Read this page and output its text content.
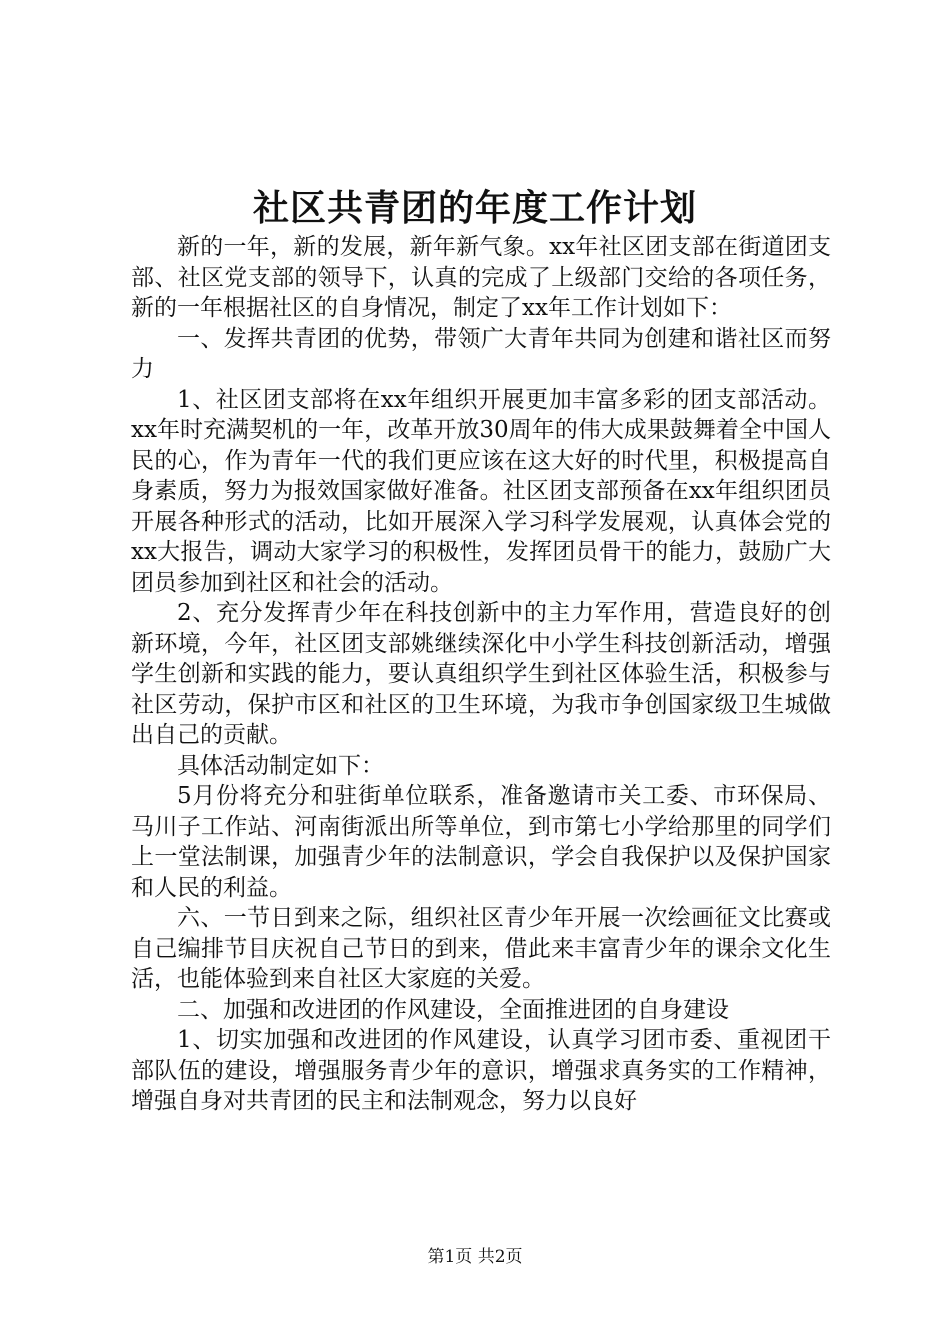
社区共青团的年度工作计划

新的一年，新的发展，新年新气象。xx年社区团支部在街道团支部、社区党支部的领导下，认真的完成了上级部门交给的各项任务，新的一年根据社区的自身情况，制定了xx年工作计划如下：

一、发挥共青团的优势，带领广大青年共同为创建和谐社区而努力

1、社区团支部将在xx年组织开展更加丰富多彩的团支部活动。xx年时充满契机的一年，改革开放30周年的伟大成果鼓舞着全中国人民的心，作为青年一代的我们更应该在这大好的时代里，积极提高自身素质，努力为报效国家做好准备。社区团支部预备在xx年组织团员开展各种形式的活动，比如开展深入学习科学发展观，认真体会党的xx大报告，调动大家学习的积极性，发挥团员骨干的能力，鼓励广大团员参加到社区和社会的活动。

2、充分发挥青少年在科技创新中的主力军作用，营造良好的创新环境，今年，社区团支部姚继续深化中小学生科技创新活动，增强学生创新和实践的能力，要认真组织学生到社区体验生活，积极参与社区劳动，保护市区和社区的卫生环境，为我市争创国家级卫生城做出自己的贡献。

具体活动制定如下：

5月份将充分和驻街单位联系，准备邀请市关工委、市环保局、马川子工作站、河南街派出所等单位，到市第七小学给那里的同学们上一堂法制课，加强青少年的法制意识，学会自我保护以及保护国家和人民的利益。

六、一节日到来之际，组织社区青少年开展一次绘画征文比赛或自己编排节目庆祝自己节日的到来，借此来丰富青少年的课余文化生活，也能体验到来自社区大家庭的关爱。

二、加强和改进团的作风建设，全面推进团的自身建设

1、切实加强和改进团的作风建设，认真学习团市委、重视团干部队伍的建设，增强服务青少年的意识，增强求真务实的工作精神，增强自身对共青团的民主和法制观念，努力以良好

第1页 共2页
